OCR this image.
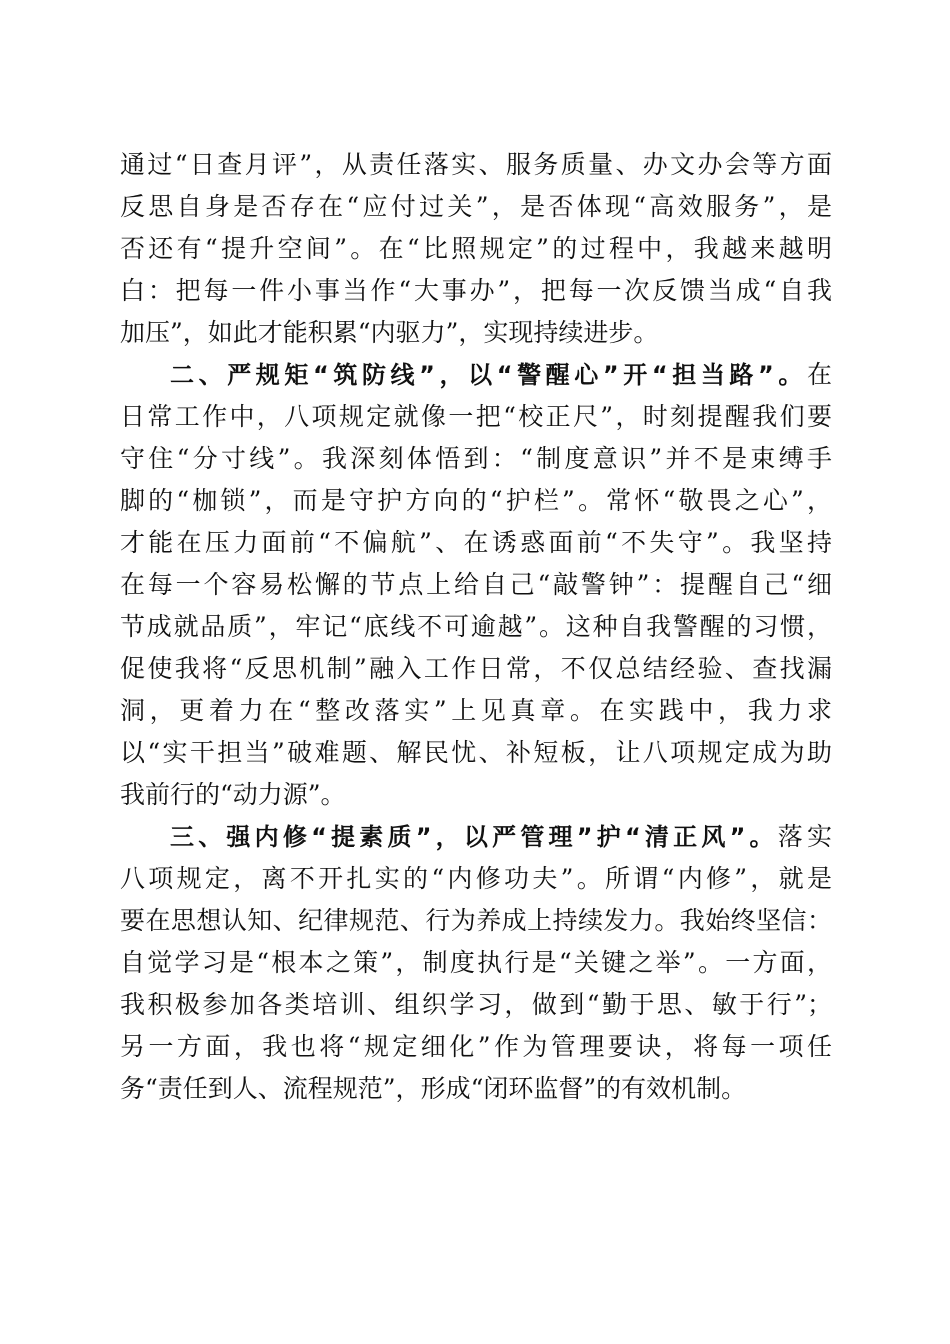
通过“日查月评”，从责任落实、服务质量、办文办会等方面
反思自身是否存在“应付过关”，是否体现“高效服务”，是
否还有“提升空间”。在“比照规定”的过程中，我越来越明
白：把每一件小事当作“大事办”，把每一次反馈当成“自我
加压”，如此才能积累“内驱力”，实现持续进步。
二、严规矩“筑防线”，以“警醒心”开“担当路”。在
日常工作中，八项规定就像一把“校正尺”，时刻提醒我们要
守住“分寸线”。我深刻体悟到：“制度意识”并不是束缚手
脚的“枷锁”，而是守护方向的“护栏”。常怀“敬畏之心”，
才能在压力面前“不偏航”、在诱惑面前“不失守”。我坚持
在每一个容易松懈的节点上给自己“敲警钟”：提醒自己“细
节成就品质”，牢记“底线不可逾越”。这种自我警醒的习惯，
促使我将“反思机制”融入工作日常，不仅总结经验、查找漏
洞，更着力在“整改落实”上见真章。在实践中，我力求
以“实干担当”破难题、解民忧、补短板，让八项规定成为助
我前行的“动力源”。
三、强内修“提素质”，以严管理”护“清正风”。落实
八项规定，离不开扎实的“内修功夫”。所谓“内修”，就是
要在思想认知、纪律规范、行为养成上持续发力。我始终坚信：
自觉学习是“根本之策”，制度执行是“关键之举”。一方面，
我积极参加各类培训、组织学习，做到“勤于思、敏于行”；
另一方面，我也将“规定细化”作为管理要诀，将每一项任
务“责任到人、流程规范”，形成“闭环监督”的有效机制。
